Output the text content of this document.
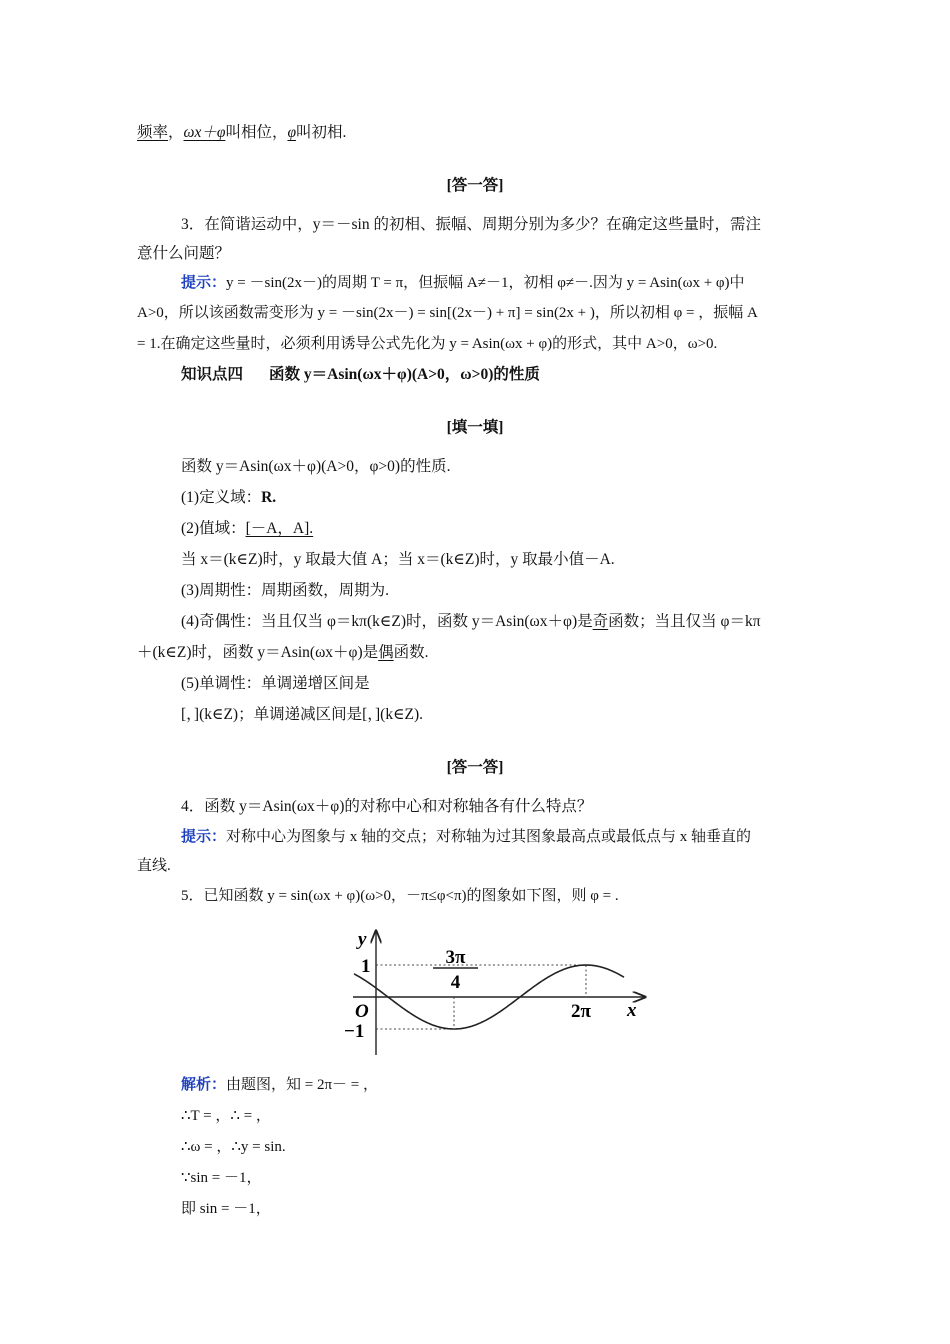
频率，ωx＋φ叫相位，φ叫初相.
[答一答]
3．在简谐运动中，y＝－sin 的初相、振幅、周期分别为多少？在确定这些量时，需注
意什么问题？
提示：y = －sin(2x－)的周期 T = π，但振幅 A≠－1，初相 φ≠－.因为 y = Asin(ωx + φ)中
A>0，所以该函数需变形为 y = －sin(2x－) = sin[(2x－) + π] = sin(2x + )，所以初相 φ = ，振幅 A
= 1.在确定这些量时，必须利用诱导公式先化为 y = Asin(ωx + φ)的形式，其中 A>0，ω>0.
知识点四 函数 y＝Asin(ωx＋φ)(A>0，ω>0)的性质
[填一填]
函数 y＝Asin(ωx＋φ)(A>0，φ>0)的性质.
(1)定义域：R.
(2)值域：[－A，A].
当 x＝(k∈Z)时，y 取最大值 A；当 x＝(k∈Z)时，y 取最小值－A.
(3)周期性：周期函数，周期为.
(4)奇偶性：当且仅当 φ＝kπ(k∈Z)时，函数 y＝Asin(ωx＋φ)是奇函数；当且仅当 φ＝kπ
＋(k∈Z)时，函数 y＝Asin(ωx＋φ)是偶函数.
(5)单调性：单调递增区间是
[，](k∈Z)；单调递减区间是[，](k∈Z).
[答一答]
4．函数 y＝Asin(ωx＋φ)的对称中心和对称轴各有什么特点？
提示：对称中心为图象与 x 轴的交点；对称轴为过其图象最高点或最低点与 x 轴垂直的
直线.
5．已知函数 y = sin(ωx + φ)(ω>0，－π≤φ<π)的图象如下图，则 φ = .
y
x
O
1
−1
3π
4
2π
解析：由题图，知 = 2π－ = ，
∴T = ，∴ = ，
∴ω = ，∴y = sin.
∵sin = －1，
即 sin = －1，
